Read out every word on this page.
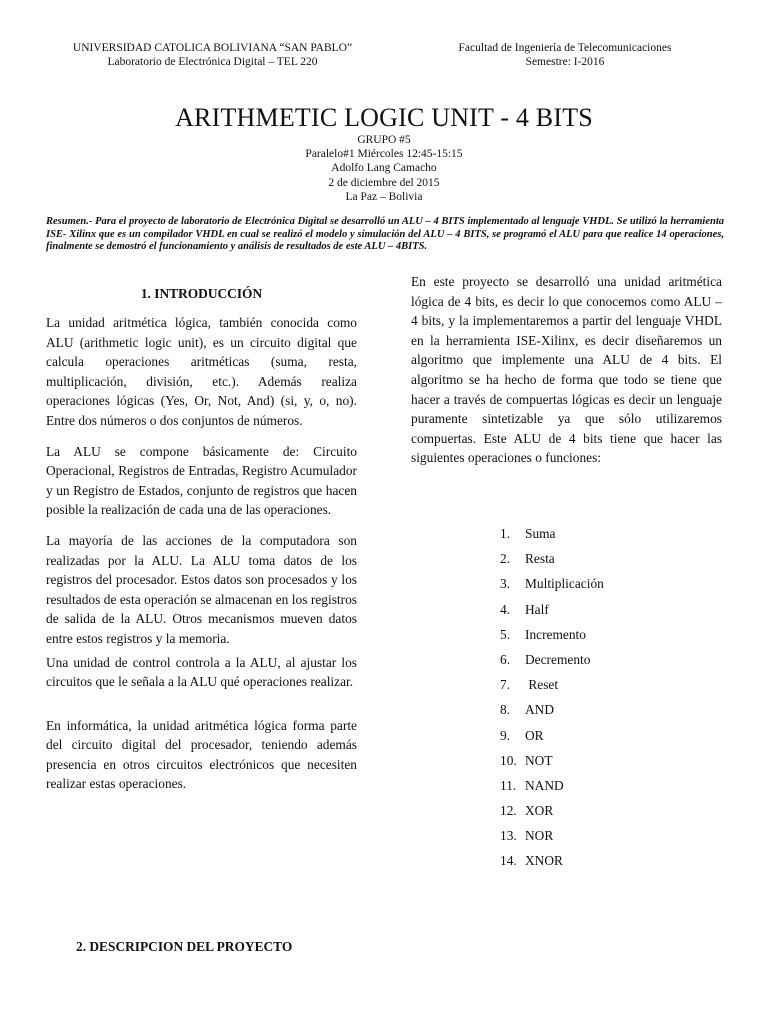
UNIVERSIDAD CATOLICA BOLIVIANA “SAN PABLO”
Laboratorio de Electrónica Digital – TEL 220
Facultad de Ingeniería de Telecomunicaciones
Semestre: I-2016
ARITHMETIC LOGIC UNIT - 4 BITS
GRUPO #5
Paralelo#1 Miércoles 12:45-15:15
Adolfo Lang Camacho
2 de diciembre del 2015
La Paz – Bolivia
Resumen.- Para el proyecto de laboratorio de Electrónica Digital se desarrolló un ALU – 4 BITS implementado al lenguaje VHDL. Se utilizó la herramienta ISE- Xilinx que es un compilador VHDL en cual se realizó el modelo y simulación del ALU – 4 BITS, se programó el ALU para que realice 14 operaciones, finalmente se demostró el funcionamiento y análisis de resultados de este ALU – 4BITS.
1. INTRODUCCIÓN

La unidad aritmética lógica, también conocida como ALU (arithmetic logic unit), es un circuito digital que calcula operaciones aritméticas (suma, resta, multiplicación, división, etc.). Además realiza operaciones lógicas (Yes, Or, Not, And) (si, y, o, no). Entre dos números o dos conjuntos de números.

La ALU se compone básicamente de: Circuito Operacional, Registros de Entradas, Registro Acumulador y un Registro de Estados, conjunto de registros que hacen posible la realización de cada una de las operaciones.

La mayoría de las acciones de la computadora son realizadas por la ALU. La ALU toma datos de los registros del procesador. Estos datos son procesados y los resultados de esta operación se almacenan en los registros de salida de la ALU. Otros mecanismos mueven datos entre estos registros y la memoria.

Una unidad de control controla a la ALU, al ajustar los circuitos que le señala a la ALU qué operaciones realizar.

En informática, la unidad aritmética lógica forma parte del circuito digital del procesador, teniendo además presencia en otros circuitos electrónicos que necesiten realizar estas operaciones.

En este proyecto se desarrolló una unidad aritmética lógica de 4 bits, es decir lo que conocemos como ALU – 4 bits, y la implementaremos a partir del lenguaje VHDL en la herramienta ISE-Xilinx, es decir diseñaremos un algoritmo que implemente una ALU de 4 bits. El algoritmo se ha hecho de forma que todo se tiene que hacer a través de compuertas lógicas es decir un lenguaje puramente sintetizable ya que sólo utilizaremos compuertas. Este ALU de 4 bits tiene que hacer las siguientes operaciones o funciones:

1. Suma
2. Resta
3. Multiplicación
4. Half
5. Incremento
6. Decremento
7. Reset
8. AND
9. OR
10. NOT
11. NAND
12. XOR
13. NOR
14. XNOR
2. DESCRIPCION DEL PROYECTO
